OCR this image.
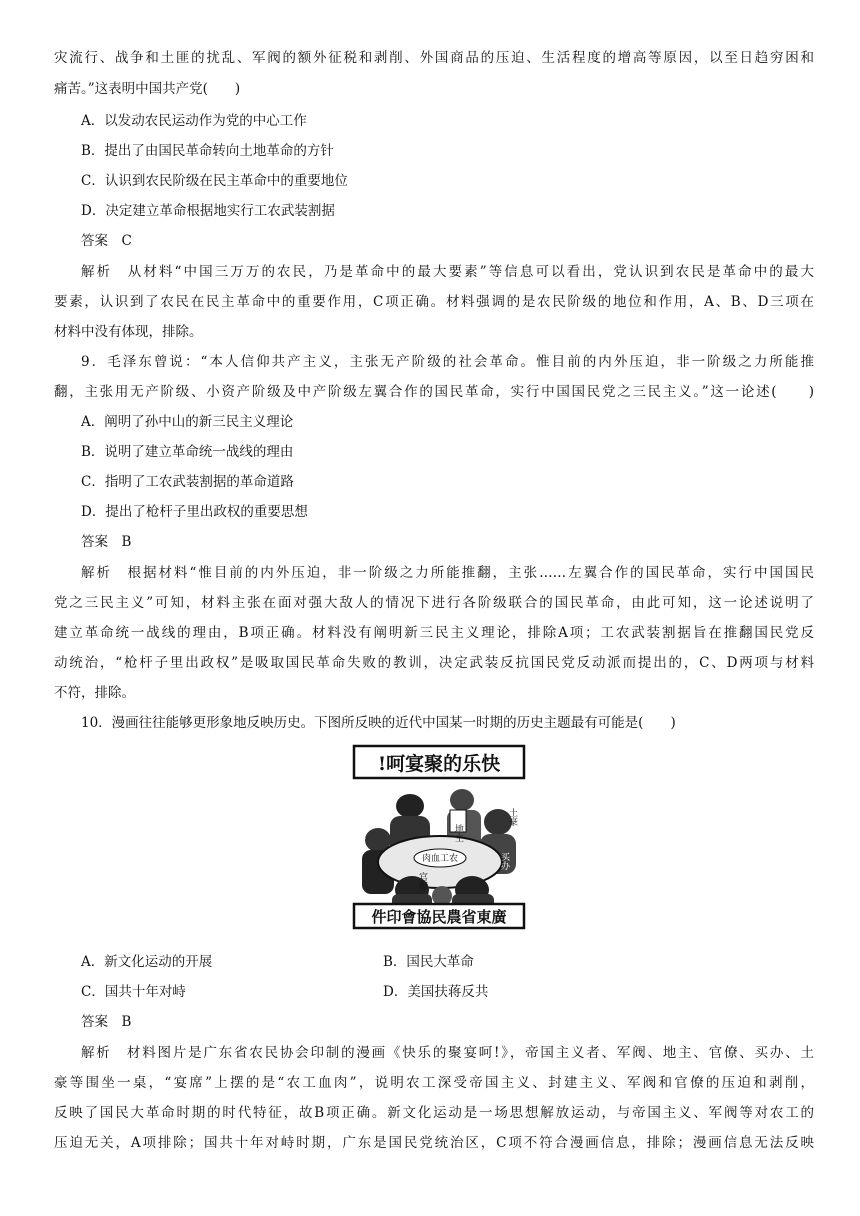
灾流行、战争和土匪的扰乱、军阀的额外征税和剥削、外国商品的压迫、生活程度的增高等原因，以至日趋穷困和
痛苦。”这表明中国共产党(　　)
A．以发动农民运动作为党的中心工作
B．提出了由国民革命转向土地革命的方针
C．认识到农民阶级在民主革命中的重要地位
D．决定建立革命根据地实行工农武装割据
答案　C
解析　从材料“中国三万万的农民，乃是革命中的最大要素”等信息可以看出，党认识到农民是革命中的最大
要素，认识到了农民在民主革命中的重要作用，C项正确。材料强调的是农民阶级的地位和作用，A、B、D三项在
材料中没有体现，排除。
9．毛泽东曾说：“本人信仰共产主义，主张无产阶级的社会革命。惟目前的内外压迫，非一阶级之力所能推
翻，主张用无产阶级、小资产阶级及中产阶级左翼合作的国民革命，实行中国国民党之三民主义。”这一论述(　　)
A．阐明了孙中山的新三民主义理论
B．说明了建立革命统一战线的理由
C．指明了工农武装割据的革命道路
D．提出了枪杆子里出政权的重要思想
答案　B
解析　根据材料“惟目前的内外压迫，非一阶级之力所能推翻，主张……左翼合作的国民革命，实行中国国民
党之三民主义”可知，材料主张在面对强大敌人的情况下进行各阶级联合的国民革命，由此可知，这一论述说明了
建立革命统一战线的理由，B项正确。材料没有阐明新三民主义理论，排除A项；工农武装割据旨在推翻国民党反
动统治，“枪杆子里出政权”是吸取国民革命失败的教训，决定武装反抗国民党反动派而提出的，C、D两项与材料
不符，排除。
10．漫画往往能够更形象地反映历史。下图所反映的近代中国某一时期的历史主题最有可能是(　　)
!呵宴聚的乐快
地主
土豪
肉血工农
军阀
买办
官僚
件印會協民農省東廣
A．新文化运动的开展	B．国民大革命
C．国共十年对峙	D．美国扶蒋反共
答案　B
解析　材料图片是广东省农民协会印制的漫画《快乐的聚宴呵!》，帝国主义者、军阀、地主、官僚、买办、土
豪等围坐一桌，“宴席”上摆的是“农工血肉”，说明农工深受帝国主义、封建主义、军阀和官僚的压迫和剥削，
反映了国民大革命时期的时代特征，故B项正确。新文化运动是一场思想解放运动，与帝国主义、军阀等对农工的
压迫无关，A项排除；国共十年对峙时期，广东是国民党统治区，C项不符合漫画信息，排除；漫画信息无法反映
